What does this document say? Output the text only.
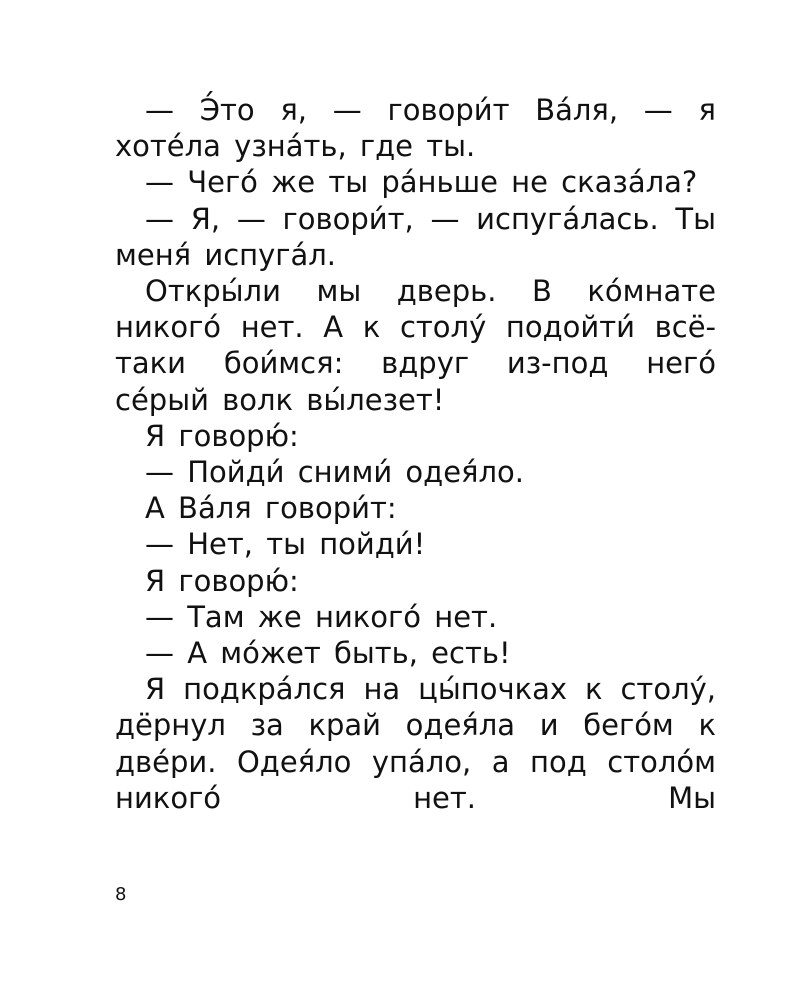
— Э́то я, — говори́т Ва́ля, — я хоте́ла узна́ть, где ты.

— Чего́ же ты ра́ньше не сказа́ла?

— Я, — говори́т, — испуга́лась. Ты меня́ испуга́л.

Откры́ли мы дверь. В ко́мнате никого́ нет. А к столу́ подойти́ всё-таки бои́мся: вдруг из-под него́ се́рый волк вы́лезет!

Я говорю́:

— Пойди́ сними́ одея́ло.

А Ва́ля говори́т:

— Нет, ты пойди́!

Я говорю́:

— Там же никого́ нет.

— А мо́жет быть, есть!

Я подкра́лся на цы́почках к столу́, дёрнул за край одея́ла и бего́м к две́ри. Одея́ло упа́ло, а под столо́м никого́ нет. Мы

8
